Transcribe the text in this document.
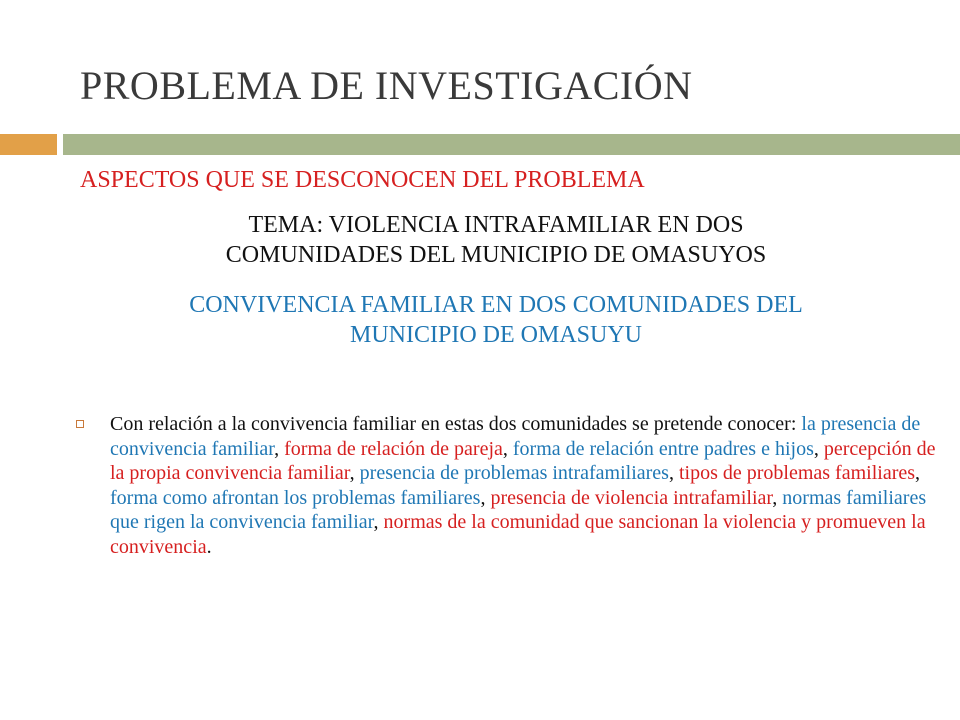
PROBLEMA DE INVESTIGACIÓN
ASPECTOS QUE SE DESCONOCEN DEL PROBLEMA
TEMA: VIOLENCIA INTRAFAMILIAR EN DOS
COMUNIDADES DEL MUNICIPIO DE OMASUYOS
CONVIVENCIA FAMILIAR EN DOS COMUNIDADES DEL
MUNICIPIO DE OMASUYU
Con relación a la convivencia familiar en estas dos comunidades se pretende conocer: la presencia de convivencia familiar, forma de relación de pareja, forma de relación entre padres e hijos, percepción de la propia convivencia familiar, presencia de problemas intrafamiliares, tipos de problemas familiares, forma como afrontan los problemas familiares, presencia de violencia intrafamiliar, normas familiares que rigen la convivencia familiar, normas de la comunidad que sancionan la violencia y promueven la convivencia.
